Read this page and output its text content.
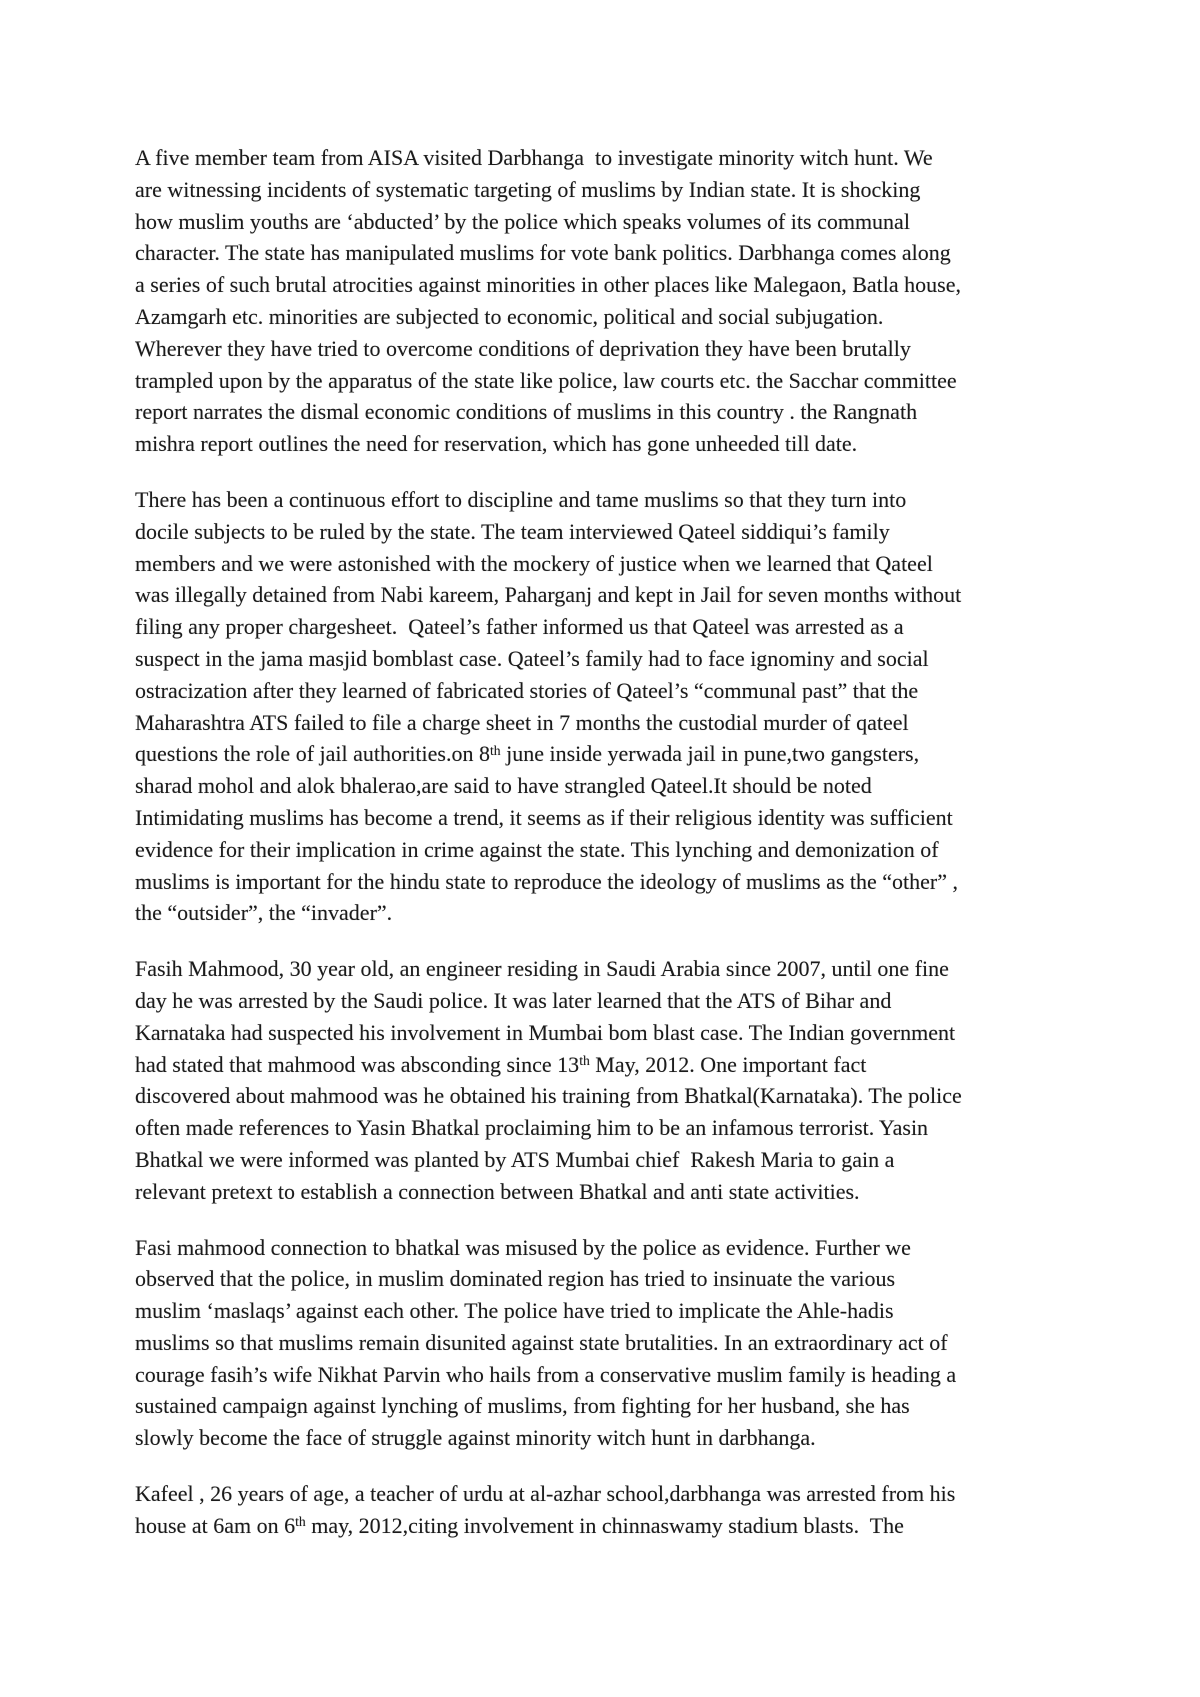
A five member team from AISA visited Darbhanga  to investigate minority witch hunt. We
are witnessing incidents of systematic targeting of muslims by Indian state. It is shocking
how muslim youths are ‘abducted’ by the police which speaks volumes of its communal
character. The state has manipulated muslims for vote bank politics. Darbhanga comes along
a series of such brutal atrocities against minorities in other places like Malegaon, Batla house,
Azamgarh etc. minorities are subjected to economic, political and social subjugation.
Wherever they have tried to overcome conditions of deprivation they have been brutally
trampled upon by the apparatus of the state like police, law courts etc. the Sacchar committee
report narrates the dismal economic conditions of muslims in this country . the Rangnath
mishra report outlines the need for reservation, which has gone unheeded till date.
There has been a continuous effort to discipline and tame muslims so that they turn into
docile subjects to be ruled by the state. The team interviewed Qateel siddiqui’s family
members and we were astonished with the mockery of justice when we learned that Qateel
was illegally detained from Nabi kareem, Paharganj and kept in Jail for seven months without
filing any proper chargesheet.  Qateel’s father informed us that Qateel was arrested as a
suspect in the jama masjid bomblast case. Qateel’s family had to face ignominy and social
ostracization after they learned of fabricated stories of Qateel’s “communal past” that the
Maharashtra ATS failed to file a charge sheet in 7 months the custodial murder of qateel
questions the role of jail authorities.on 8th june inside yerwada jail in pune,two gangsters,
sharad mohol and alok bhalerao,are said to have strangled Qateel.It should be noted
Intimidating muslims has become a trend, it seems as if their religious identity was sufficient
evidence for their implication in crime against the state. This lynching and demonization of
muslims is important for the hindu state to reproduce the ideology of muslims as the “other” ,
the “outsider”, the “invader”.
Fasih Mahmood, 30 year old, an engineer residing in Saudi Arabia since 2007, until one fine
day he was arrested by the Saudi police. It was later learned that the ATS of Bihar and
Karnataka had suspected his involvement in Mumbai bom blast case. The Indian government
had stated that mahmood was absconding since 13th May, 2012. One important fact
discovered about mahmood was he obtained his training from Bhatkal(Karnataka). The police
often made references to Yasin Bhatkal proclaiming him to be an infamous terrorist. Yasin
Bhatkal we were informed was planted by ATS Mumbai chief  Rakesh Maria to gain a
relevant pretext to establish a connection between Bhatkal and anti state activities.
Fasi mahmood connection to bhatkal was misused by the police as evidence. Further we
observed that the police, in muslim dominated region has tried to insinuate the various
muslim ‘maslaqs’ against each other. The police have tried to implicate the Ahle-hadis
muslims so that muslims remain disunited against state brutalities. In an extraordinary act of
courage fasih’s wife Nikhat Parvin who hails from a conservative muslim family is heading a
sustained campaign against lynching of muslims, from fighting for her husband, she has
slowly become the face of struggle against minority witch hunt in darbhanga.
Kafeel , 26 years of age, a teacher of urdu at al-azhar school,darbhanga was arrested from his
house at 6am on 6th may, 2012,citing involvement in chinnaswamy stadium blasts.  The
